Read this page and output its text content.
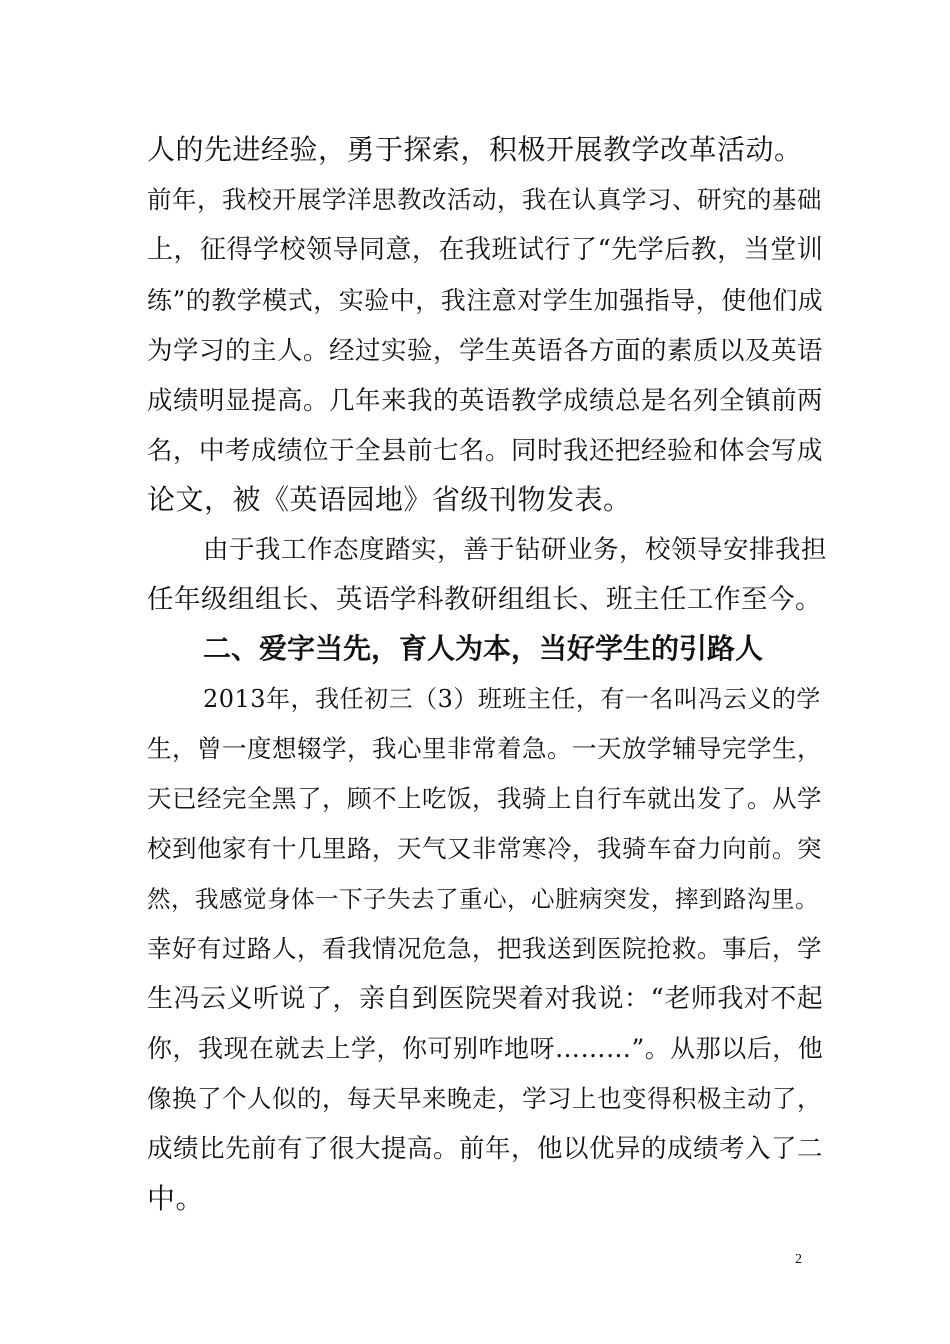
人的先进经验，勇于探索，积极开展教学改革活动。

前年，我校开展学洋思教改活动，我在认真学习、研究的基础

上，征得学校领导同意，在我班试行了“先学后教，当堂训

练”的教学模式，实验中，我注意对学生加强指导，使他们成

为学习的主人。经过实验，学生英语各方面的素质以及英语

成绩明显提高。几年来我的英语教学成绩总是名列全镇前两

名，中考成绩位于全县前七名。同时我还把经验和体会写成

论文，被《英语园地》省级刊物发表。

由于我工作态度踏实，善于钻研业务，校领导安排我担

任年级组组长、英语学科教研组组长、班主任工作至今。

二、爱字当先，育人为本，当好学生的引路人

2013年，我任初三（3）班班主任，有一名叫冯云义的学

生，曾一度想辍学，我心里非常着急。一天放学辅导完学生，

天已经完全黑了，顾不上吃饭，我骑上自行车就出发了。从学

校到他家有十几里路，天气又非常寒冷，我骑车奋力向前。突

然，我感觉身体一下子失去了重心，心脏病突发，摔到路沟里。

幸好有过路人，看我情况危急，把我送到医院抢救。事后，学

生冯云义听说了，亲自到医院哭着对我说：“老师我对不起

你，我现在就去上学，你可别咋地呀………”。从那以后，他

像换了个人似的，每天早来晚走，学习上也变得积极主动了，

成绩比先前有了很大提高。前年，他以优异的成绩考入了二

中。

2
